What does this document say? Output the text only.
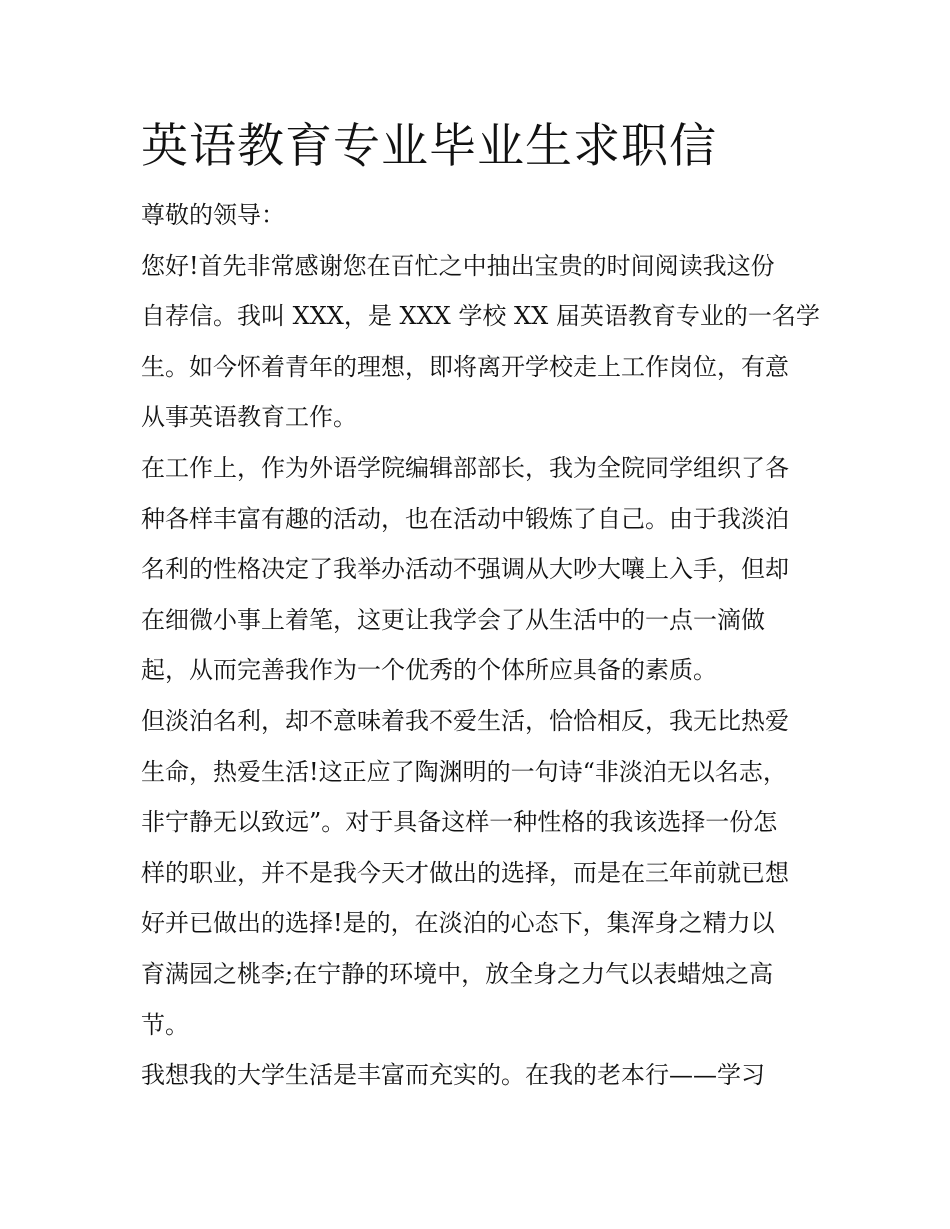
英语教育专业毕业生求职信

尊敬的领导：

您好!首先非常感谢您在百忙之中抽出宝贵的时间阅读我这份

自荐信。我叫 XXX，是 XXX 学校 XX 届英语教育专业的一名学

生。如今怀着青年的理想，即将离开学校走上工作岗位，有意

从事英语教育工作。

在工作上，作为外语学院编辑部部长，我为全院同学组织了各

种各样丰富有趣的活动，也在活动中锻炼了自己。由于我淡泊

名利的性格决定了我举办活动不强调从大吵大嚷上入手，但却

在细微小事上着笔，这更让我学会了从生活中的一点一滴做

起，从而完善我作为一个优秀的个体所应具备的素质。

但淡泊名利，却不意味着我不爱生活，恰恰相反，我无比热爱

生命，热爱生活!这正应了陶渊明的一句诗“非淡泊无以名志，

非宁静无以致远”。对于具备这样一种性格的我该选择一份怎

样的职业，并不是我今天才做出的选择，而是在三年前就已想

好并已做出的选择!是的，在淡泊的心态下，集浑身之精力以

育满园之桃李;在宁静的环境中，放全身之力气以表蜡烛之高

节。

我想我的大学生活是丰富而充实的。在我的老本行——学习
